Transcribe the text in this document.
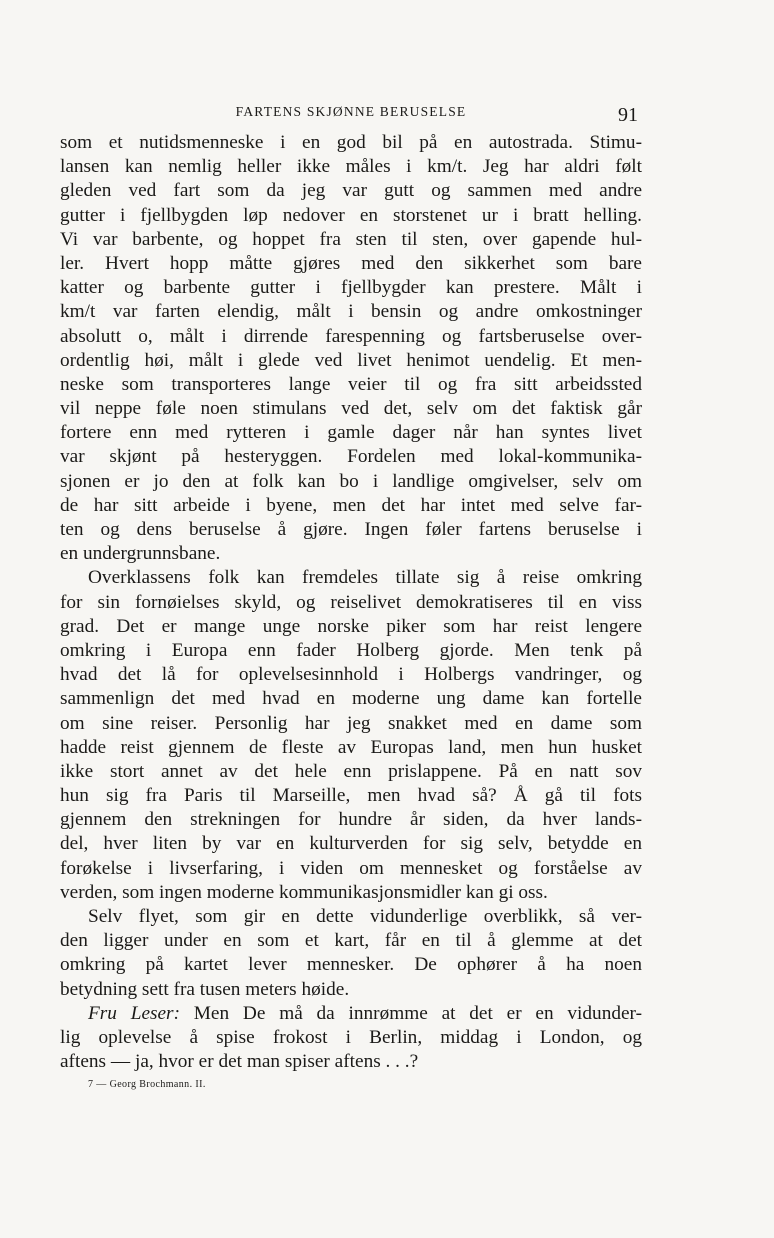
FARTENS SKJØNNE BERUSELSE	91
som et nutidsmenneske i en god bil på en autostrada. Stimu-
lansen kan nemlig heller ikke måles i km/t. Jeg har aldri følt
gleden ved fart som da jeg var gutt og sammen med andre
gutter i fjellbygden løp nedover en storstenet ur i bratt helling.
Vi var barbente, og hoppet fra sten til sten, over gapende hul-
ler. Hvert hopp måtte gjøres med den sikkerhet som bare
katter og barbente gutter i fjellbygder kan prestere. Målt i
km/t var farten elendig, målt i bensin og andre omkostninger
absolutt o, målt i dirrende farespenning og fartsberuselse over-
ordentlig høi, målt i glede ved livet henimot uendelig. Et men-
neske som transporteres lange veier til og fra sitt arbeidssted
vil neppe føle noen stimulans ved det, selv om det faktisk går
fortere enn med rytteren i gamle dager når han syntes livet
var skjønt på hesteryggen. Fordelen med lokal-kommunika-
sjonen er jo den at folk kan bo i landlige omgivelser, selv om
de har sitt arbeide i byene, men det har intet med selve far-
ten og dens beruselse å gjøre. Ingen føler fartens beruselse i
en undergrunnsbane.
Overklassens folk kan fremdeles tillate sig å reise omkring
for sin fornøielses skyld, og reiselivet demokratiseres til en viss
grad. Det er mange unge norske piker som har reist lengere
omkring i Europa enn fader Holberg gjorde. Men tenk på
hvad det lå for oplevelsesinnhold i Holbergs vandringer, og
sammenlign det med hvad en moderne ung dame kan fortelle
om sine reiser. Personlig har jeg snakket med en dame som
hadde reist gjennem de fleste av Europas land, men hun husket
ikke stort annet av det hele enn prislappene. På en natt sov
hun sig fra Paris til Marseille, men hvad så? Å gå til fots
gjennem den strekningen for hundre år siden, da hver lands-
del, hver liten by var en kulturverden for sig selv, betydde en
forøkelse i livserfaring, i viden om mennesket og forståelse av
verden, som ingen moderne kommunikasjonsmidler kan gi oss.
Selv flyet, som gir en dette vidunderlige overblikk, så ver-
den ligger under en som et kart, får en til å glemme at det
omkring på kartet lever mennesker. De ophører å ha noen
betydning sett fra tusen meters høide.
Fru Leser: Men De må da innrømme at det er en vidunder-
lig oplevelse å spise frokost i Berlin, middag i London, og
aftens — ja, hvor er det man spiser aftens . . .?
7 — Georg Brochmann. II.
